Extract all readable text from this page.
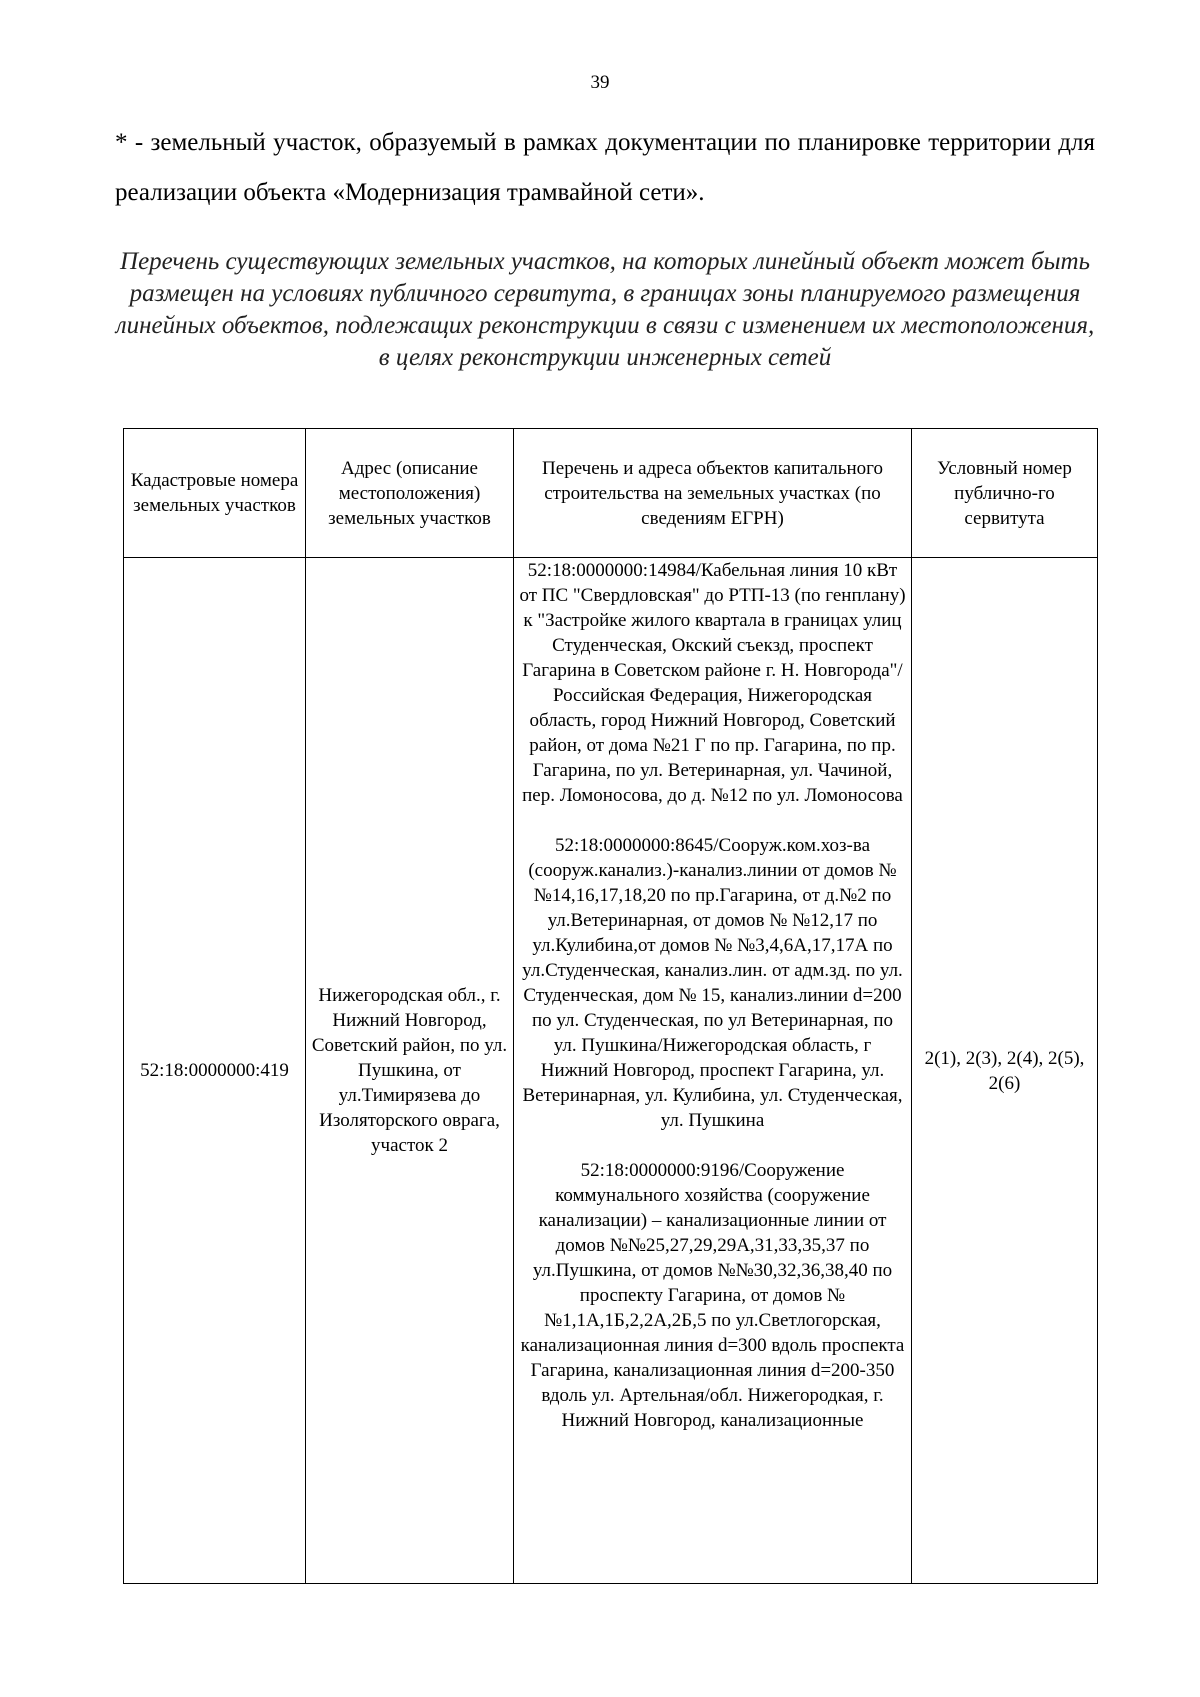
39
* - земельный участок, образуемый в рамках документации по планировке территории для реализации объекта «Модернизация трамвайной сети».
Перечень существующих земельных участков, на которых линейный объект может быть размещен на условиях публичного сервитута, в границах зоны планируемого размещения линейных объектов, подлежащих реконструкции в связи с изменением их местоположения, в целях реконструкции инженерных сетей
Кадастровые номера земельных участков	Адрес (описание местоположения) земельных участков	Перечень и адреса объектов капитального строительства на земельных участках (по сведениям ЕГРН)	Условный номер публично-го сервитута
52:18:0000000:419	Нижегородская обл., г. Нижний Новгород, Советский район, по ул. Пушкина, от ул.Тимирязева до Изоляторского оврага, участок 2	52:18:0000000:14984/Кабельная линия 10 кВт от ПС "Свердловская" до РТП-13 (по генплану) к "Застройке жилого квартала в границах улиц Студенческая, Окский съекзд, проспект Гагарина в Советском районе г. Н. Новгорода"/Российская Федерация, Нижегородская область, город Нижний Новгород, Советский район, от дома №21 Г по пр. Гагарина, по пр. Гагарина, по ул. Ветеринарная, ул. Чачиной, пер. Ломоносова, до д. №12 по ул. Ломоносова

52:18:0000000:8645/Сооруж.ком.хоз-ва (сооруж.канализ.)-канализ.линии от домов № №14,16,17,18,20 по пр.Гагарина, от д.№2 по ул.Ветеринарная, от домов № №12,17 по ул.Кулибина,от домов № №3,4,6А,17,17А по ул.Студенческая, канализ.лин. от адм.зд. по ул. Студенческая, дом № 15, канализ.линии d=200 по ул. Студенческая, по ул Ветеринарная, по ул. Пушкина/Нижегородская область, г Нижний Новгород, проспект Гагарина, ул. Ветеринарная, ул. Кулибина, ул. Студенческая, ул. Пушкина

52:18:0000000:9196/Сооружение коммунального хозяйства (сооружение канализации) – канализационные линии от домов №№25,27,29,29А,31,33,35,37 по ул.Пушкина, от домов №№30,32,36,38,40 по проспекту Гагарина, от домов №№1,1А,1Б,2,2А,2Б,5 по ул.Светлогорская, канализационная линия d=300 вдоль проспекта Гагарина, канализационная линия d=200-350 вдоль ул. Артельная/обл. Нижегородкая, г. Нижний Новгород, канализационные	2(1), 2(3), 2(4), 2(5), 2(6)
